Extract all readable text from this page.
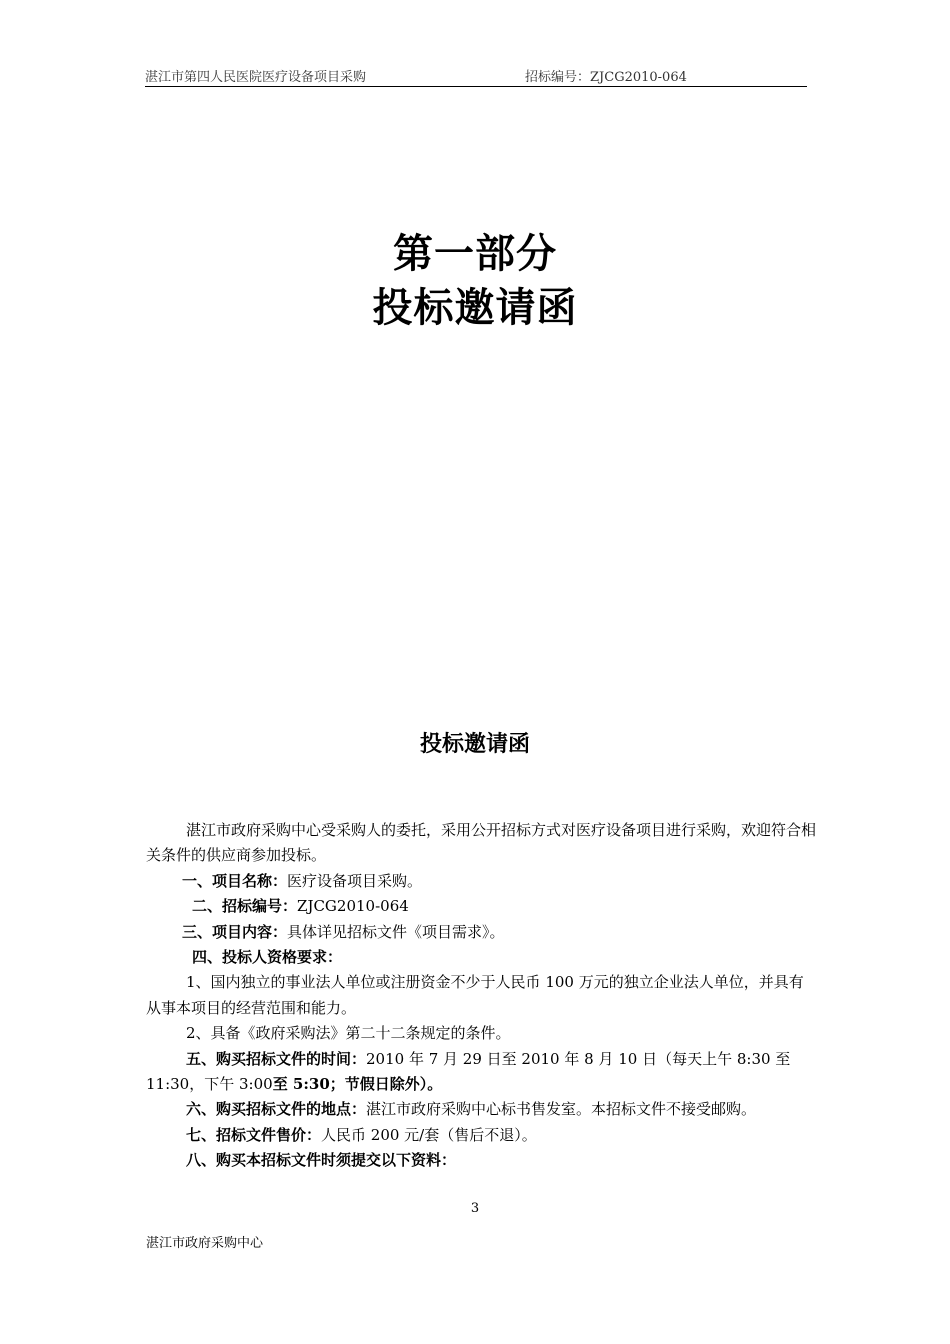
湛江市第四人民医院医疗设备项目采购	招标编号：ZJCG2010-064
第一部分
投标邀请函
投标邀请函

湛江市政府采购中心受采购人的委托，采用公开招标方式对医疗设备项目进行采购，欢迎符合相关条件的供应商参加投标。

一、项目名称：医疗设备项目采购。

二、招标编号：ZJCG2010-064

三、项目内容：具体详见招标文件《项目需求》。

四、投标人资格要求：

1、国内独立的事业法人单位或注册资金不少于人民币 100 万元的独立企业法人单位，并具有从事本项目的经营范围和能力。

2、具备《政府采购法》第二十二条规定的条件。

五、购买招标文件的时间：2010 年 7 月 29 日至 2010 年 8 月 10 日（每天上午 8:30 至 11:30，下午 3:00至 5:30；节假日除外）。

六、购买招标文件的地点：湛江市政府采购中心标书售发室。本招标文件不接受邮购。

七、招标文件售价：人民币 200 元/套（售后不退）。

八、购买本招标文件时须提交以下资料：

3
湛江市政府采购中心
